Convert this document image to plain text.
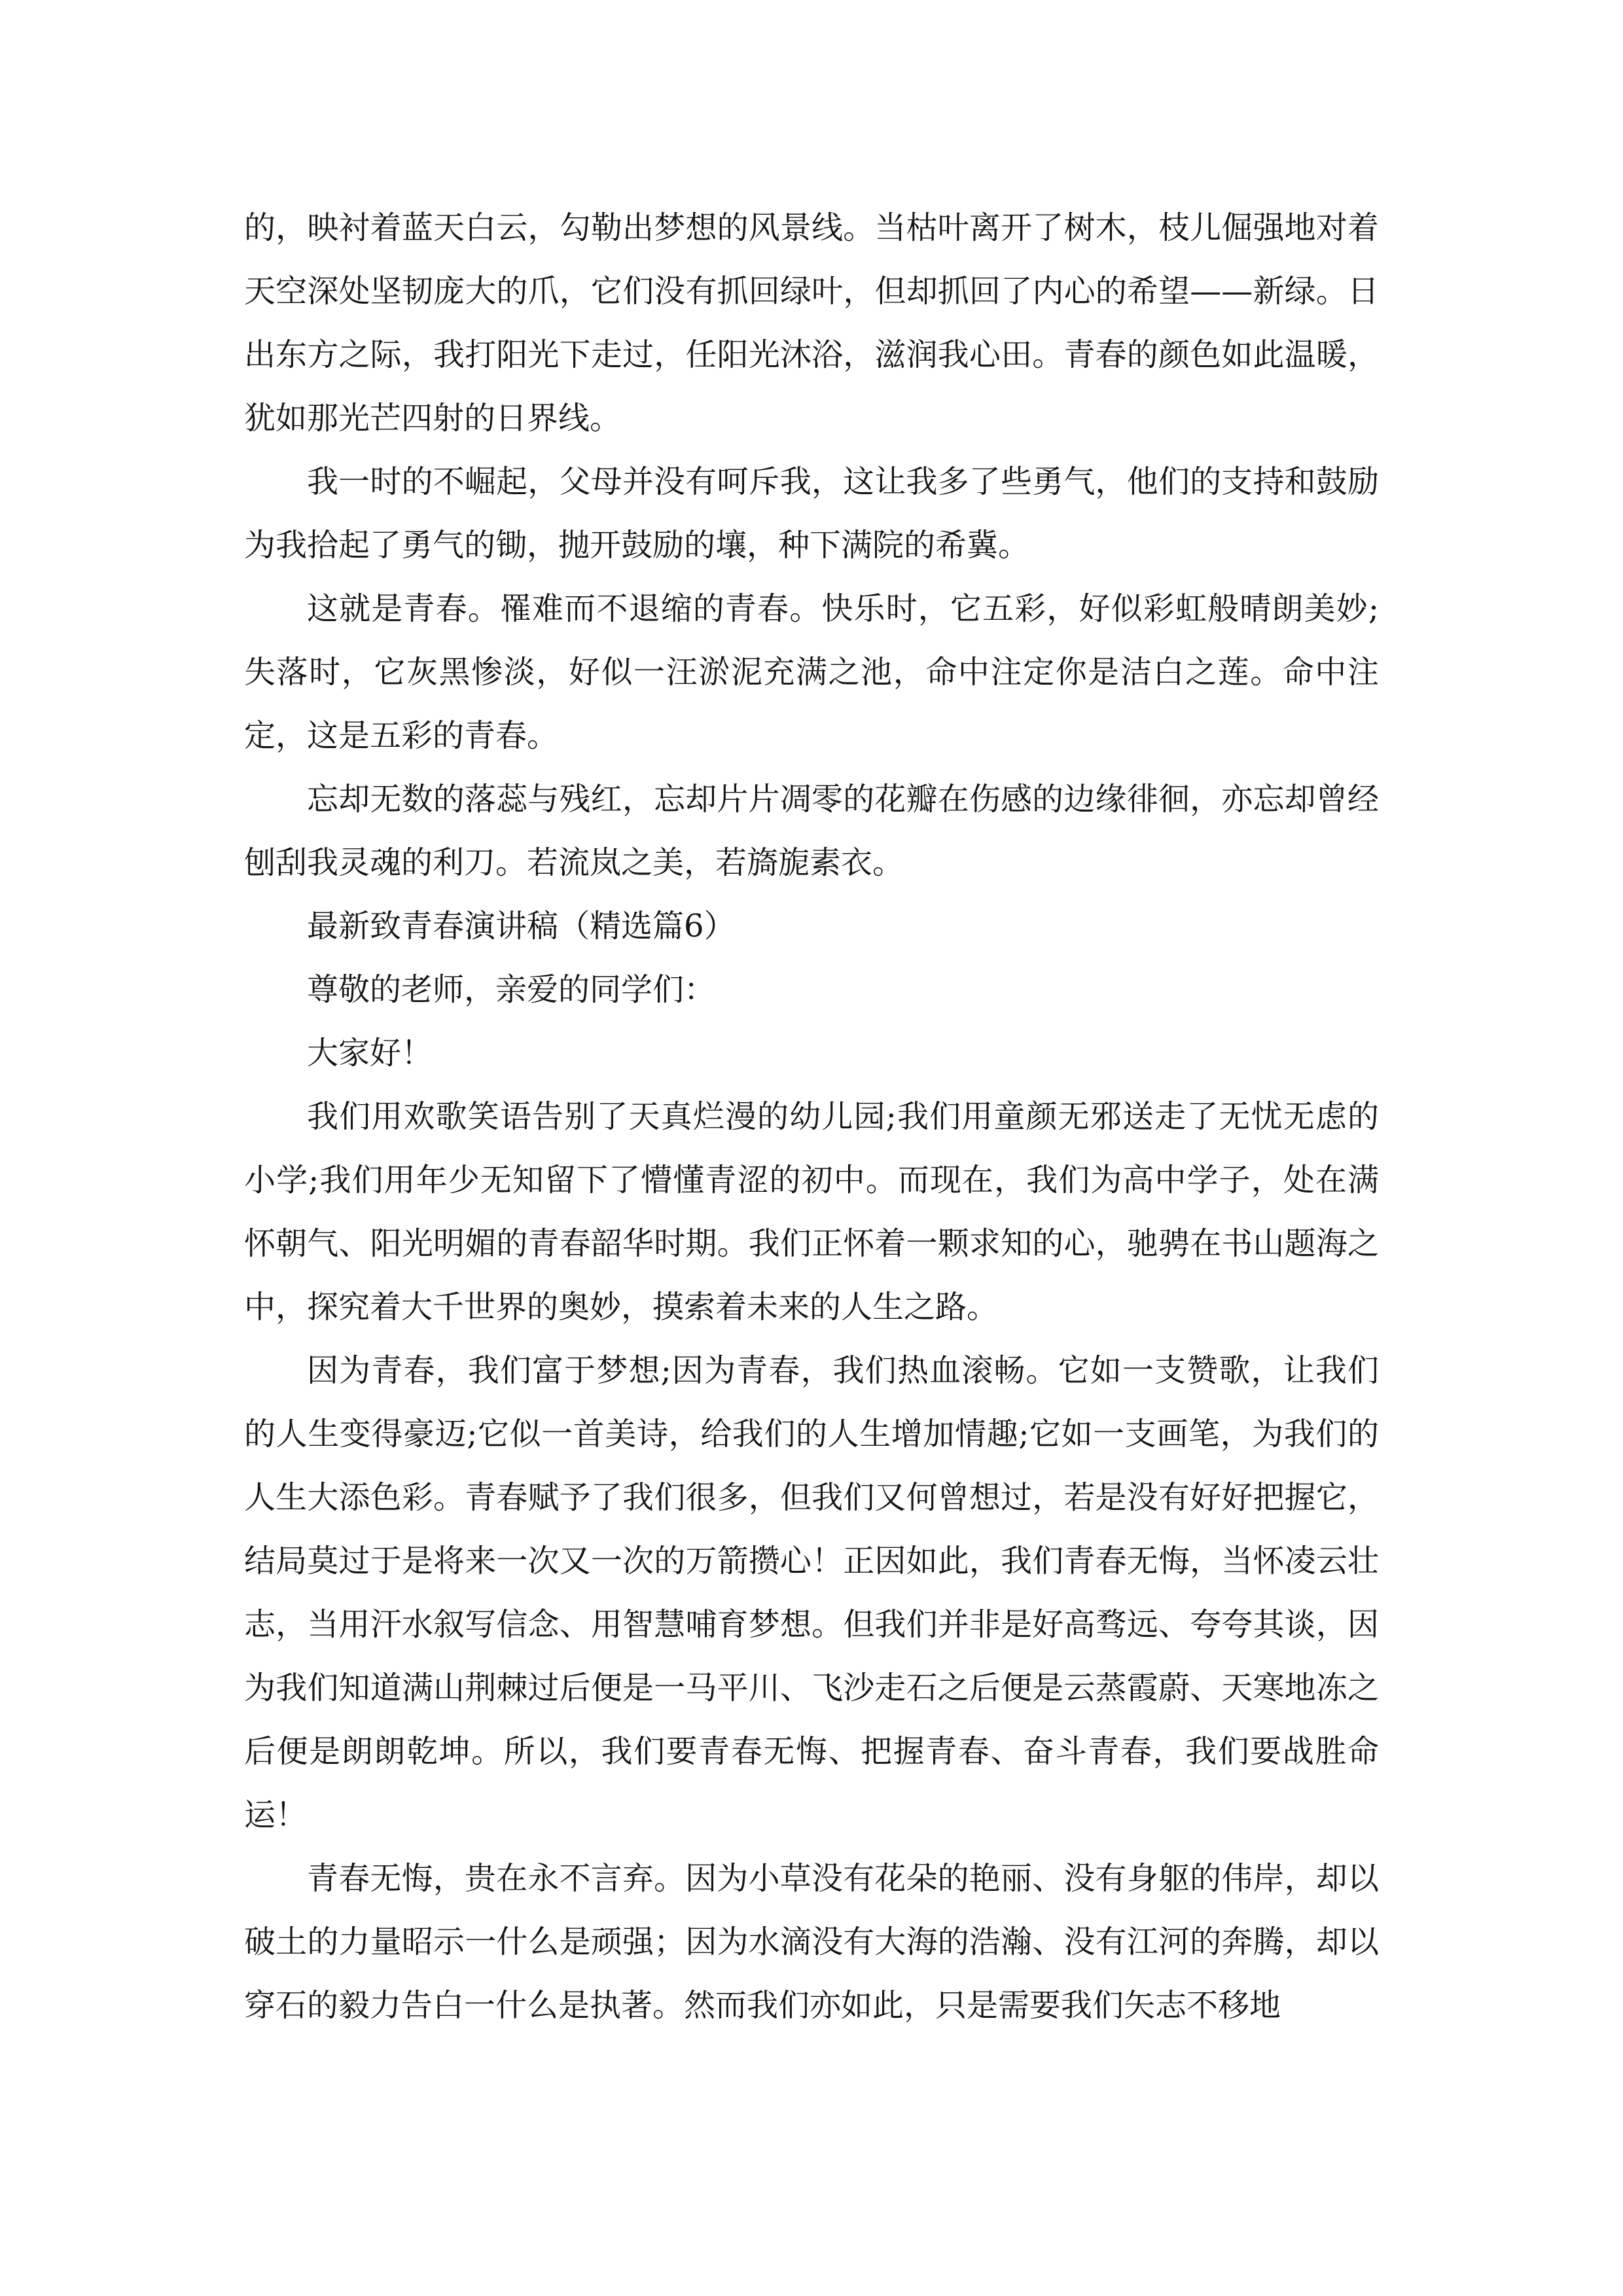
的，映衬着蓝天白云，勾勒出梦想的风景线。当枯叶离开了树木，枝儿倔强地对着天空深处坚韧庞大的爪，它们没有抓回绿叶，但却抓回了内心的希望——新绿。日出东方之际，我打阳光下走过，任阳光沐浴，滋润我心田。青春的颜色如此温暖，犹如那光芒四射的日界线。

我一时的不崛起，父母并没有呵斥我，这让我多了些勇气，他们的支持和鼓励为我拾起了勇气的锄，抛开鼓励的壤，种下满院的希冀。

这就是青春。罹难而不退缩的青春。快乐时，它五彩，好似彩虹般晴朗美妙;失落时，它灰黑惨淡，好似一汪淤泥充满之池，命中注定你是洁白之莲。命中注定，这是五彩的青春。

忘却无数的落蕊与残红，忘却片片凋零的花瓣在伤感的边缘徘徊，亦忘却曾经刨刮我灵魂的利刀。若流岚之美，若旖旎素衣。

最新致青春演讲稿（精选篇6）

尊敬的老师，亲爱的同学们：

大家好！

我们用欢歌笑语告别了天真烂漫的幼儿园;我们用童颜无邪送走了无忧无虑的小学;我们用年少无知留下了懵懂青涩的初中。而现在，我们为高中学子，处在满怀朝气、阳光明媚的青春韶华时期。我们正怀着一颗求知的心，驰骋在书山题海之中，探究着大千世界的奥妙，摸索着未来的人生之路。

因为青春，我们富于梦想;因为青春，我们热血滚畅。它如一支赞歌，让我们的人生变得豪迈;它似一首美诗，给我们的人生增加情趣;它如一支画笔，为我们的人生大添色彩。青春赋予了我们很多，但我们又何曾想过，若是没有好好把握它，结局莫过于是将来一次又一次的万箭攒心！正因如此，我们青春无悔，当怀凌云壮志，当用汗水叙写信念、用智慧哺育梦想。但我们并非是好高骛远、夸夸其谈，因为我们知道满山荆棘过后便是一马平川、飞沙走石之后便是云蒸霞蔚、天寒地冻之后便是朗朗乾坤。所以，我们要青春无悔、把握青春、奋斗青春，我们要战胜命运！

青春无悔，贵在永不言弃。因为小草没有花朵的艳丽、没有身躯的伟岸，却以破土的力量昭示一什么是顽强；因为水滴没有大海的浩瀚、没有江河的奔腾，却以穿石的毅力告白一什么是执著。然而我们亦如此，只是需要我们矢志不移地
